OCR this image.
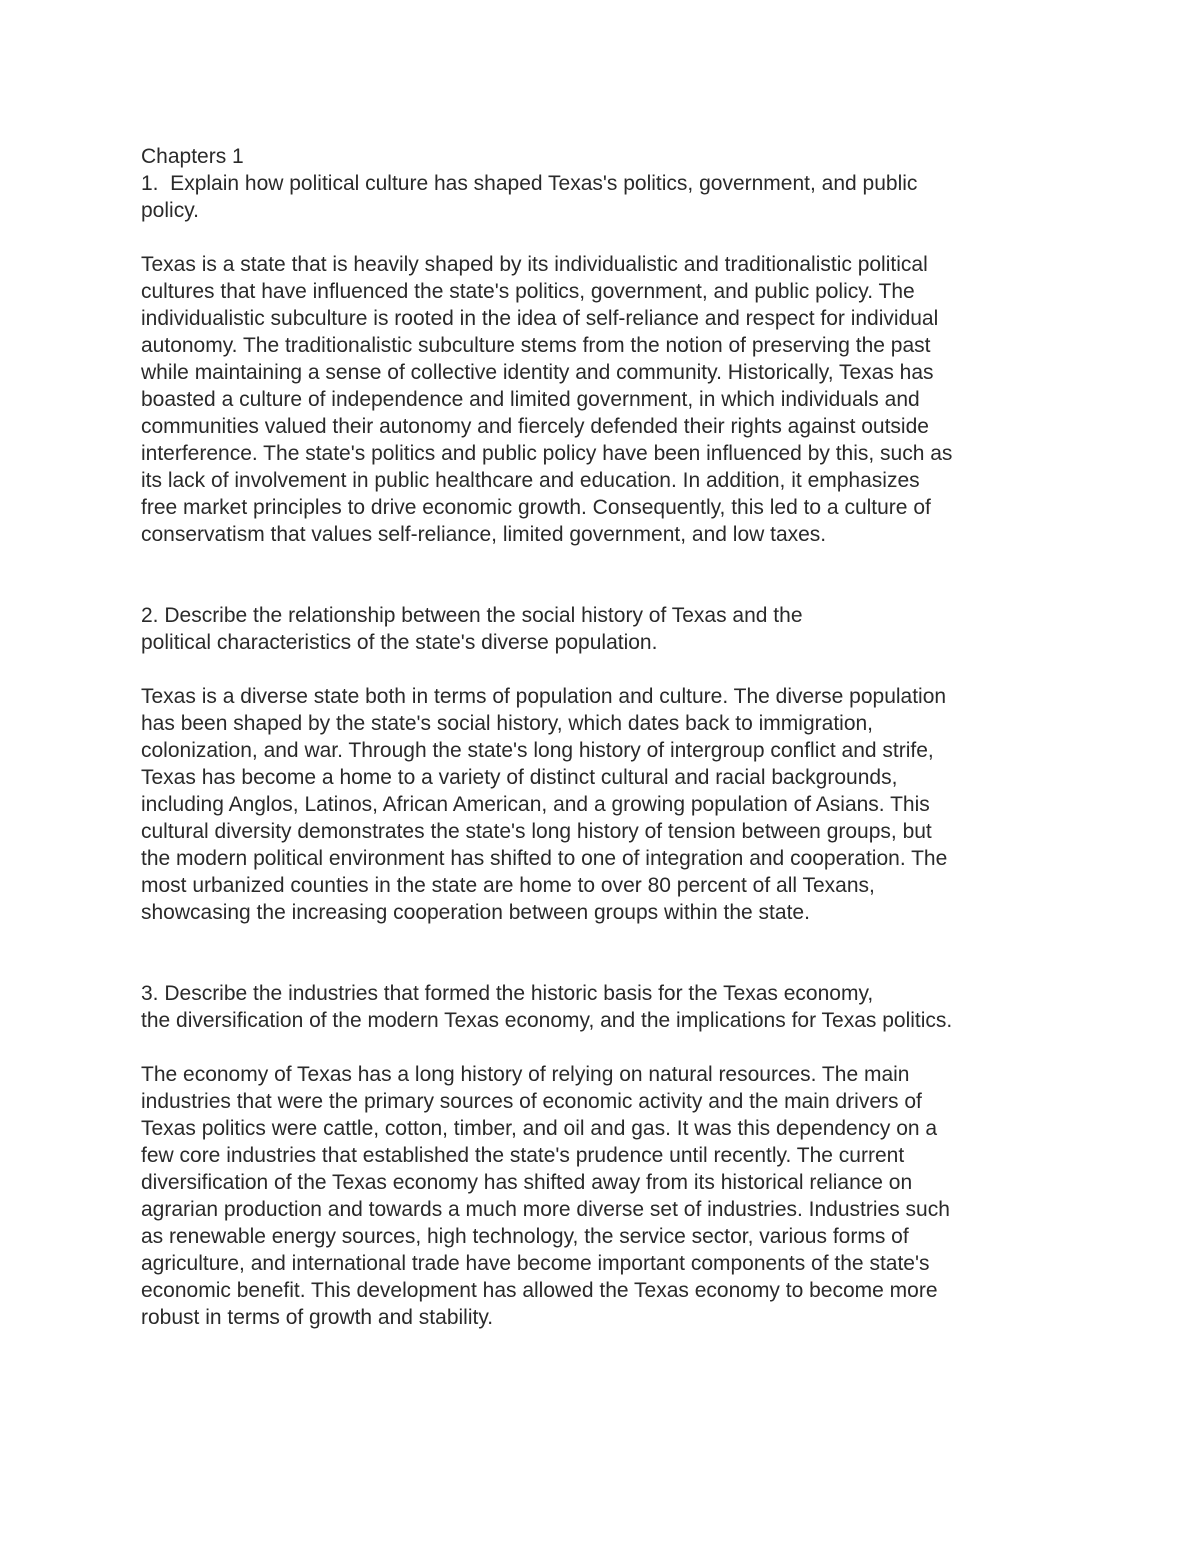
Chapters 1
1.  Explain how political culture has shaped Texas's politics, government, and public
policy.
Texas is a state that is heavily shaped by its individualistic and traditionalistic political
cultures that have influenced the state's politics, government, and public policy. The
individualistic subculture is rooted in the idea of self-reliance and respect for individual
autonomy. The traditionalistic subculture stems from the notion of preserving the past
while maintaining a sense of collective identity and community. Historically, Texas has
boasted a culture of independence and limited government, in which individuals and
communities valued their autonomy and fiercely defended their rights against outside
interference. The state's politics and public policy have been influenced by this, such as
its lack of involvement in public healthcare and education. In addition, it emphasizes
free market principles to drive economic growth. Consequently, this led to a culture of
conservatism that values self-reliance, limited government, and low taxes.
2. Describe the relationship between the social history of Texas and the
political characteristics of the state's diverse population.
Texas is a diverse state both in terms of population and culture. The diverse population
has been shaped by the state's social history, which dates back to immigration,
colonization, and war. Through the state's long history of intergroup conflict and strife,
Texas has become a home to a variety of distinct cultural and racial backgrounds,
including Anglos, Latinos, African American, and a growing population of Asians. This
cultural diversity demonstrates the state's long history of tension between groups, but
the modern political environment has shifted to one of integration and cooperation. The
most urbanized counties in the state are home to over 80 percent of all Texans,
showcasing the increasing cooperation between groups within the state.
3. Describe the industries that formed the historic basis for the Texas economy,
the diversification of the modern Texas economy, and the implications for Texas politics.
The economy of Texas has a long history of relying on natural resources. The main
industries that were the primary sources of economic activity and the main drivers of
Texas politics were cattle, cotton, timber, and oil and gas. It was this dependency on a
few core industries that established the state's prudence until recently. The current
diversification of the Texas economy has shifted away from its historical reliance on
agrarian production and towards a much more diverse set of industries. Industries such
as renewable energy sources, high technology, the service sector, various forms of
agriculture, and international trade have become important components of the state's
economic benefit. This development has allowed the Texas economy to become more
robust in terms of growth and stability.
